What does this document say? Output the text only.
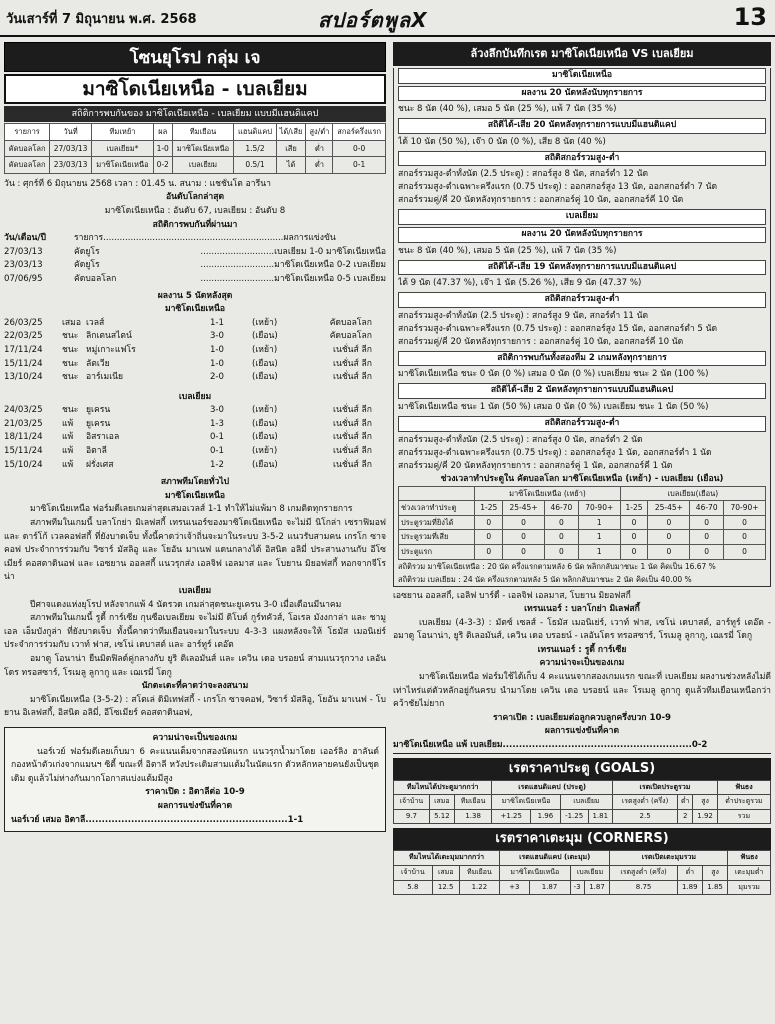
วันเสาร์ที่ 7 มิถุนายน พ.ศ. 2568	สปอร์ตพูลX	13
โซนยุโรป กลุ่ม เจ
มาซิโดเนียเหนือ - เบลเยียม
สถิติการพบกันของ มาซิโดเนียเหนือ - เบลเยียม แบบมีแฮนดิแคป
รายการ	วันที่	ทีมเหย้า	ผล	ทีมเยือน	แฮนดิแคป	ได้/เสีย	สูง/ต่ำ	สกอร์ครึ่งแรก
คัดบอลโลก	27/03/13	เบลเยียม*	1-0	มาซิโดเนียเหนือ	1.5/2	เสีย	ต่ำ	0-0
คัดบอลโลก	23/03/13	มาซิโดเนียเหนือ	0-2	เบลเยียม	0.5/1	ได้	ต่ำ	0-1
วัน : ศุกร์ที่ 6 มิถุนายน 2568 เวลา : 01.45 น. สนาม : แชชั่นโต อารีนา
อันดับโลกล่าสุด
มาซิโดเนียเหนือ : อันดับ 67, เบลเยียม : อันดับ 8
สถิติการพบกันที่ผ่านมา
วัน/เดือน/ปี	รายการ..................................................................ผลการแข่งขัน
27/03/13	คัดยูโร	...........................เบลเยียม 1-0 มาซิโดเนียเหนือ
23/03/13	คัดยูโร	...........................มาซิโดเนียเหนือ 0-2 เบลเยียม
07/06/95	คัดบอลโลก	...........................มาซิโดเนียเหนือ 0-5 เบลเยียม
ผลงาน 5 นัดหลังสุด
มาซิโดเนียเหนือ
26/03/25	เสมอ เวลส์	1-1	(เหย้า)	คัดบอลโลก
22/03/25	ชนะ ลิกเตนสไตน์	3-0	(เยือน)	คัดบอลโลก
17/11/24	ชนะ หมู่เกาะแฟโร	1-0	(เหย้า)	เนชั่นส์ ลีก
15/11/24	ชนะ ลัตเวีย	1-0	(เยือน)	เนชั่นส์ ลีก
13/10/24	ชนะ อาร์เมเนีย	2-0	(เยือน)	เนชั่นส์ ลีก
เบลเยียม
24/03/25	ชนะ ยูเครน	3-0	(เหย้า)	เนชั่นส์ ลีก
21/03/25	แพ้	ยูเครน	1-3	(เยือน)	เนชั่นส์ ลีก
18/11/24	แพ้	อิสราเอล	0-1	(เยือน)	เนชั่นส์ ลีก
15/11/24	แพ้	อิตาลี	0-1	(เหย้า)	เนชั่นส์ ลีก
15/10/24	แพ้	ฝรั่งเศส	1-2	(เยือน)	เนชั่นส์ ลีก
สภาพทีมโดยทั่วไป
มาซิโดเนียเหนือ
มาซิโดเนียเหนือ ฟอร์มดีเลยเกมล่าสุดเสมอเวลส์ 1-1 ทำให้ไม่แพ้มา 8 เกมติดทุกรายการ
สภาพทีมในเกมนี้ บลาโกย่า มิเลฟสกี้ เทรนเนอร์ของมาซิโดเนียเหนือ จะไม่มี นิโกล่า เซราฟิมอฟ และ ดาร์โก้ เวลคอฟสกี้ ที่ยังบาดเจ็บ ทั้งนี้คาดว่าเจ้าถิ่นจะมาในระบบ 3-5-2 แนวรับสามคน เกรโก ซาจคอฟ ประจำการร่วมกับ วิซาร์ มัสลิอู และ โยอัน มาเนฟ แดนกลางได้ อิสนิด อลิมี่ ประสานงานกับ อีโซเมียร์ คอสตาดินอฟ และ เอซยาน ออลสกี้ แนวรุกส่ง เอลจิฟ เอลมาส และ โบยาน มิยอฟสกี้ หอกจากจีโรน่า
เบลเยียม
ปีศาจแดงแห่งยุโรป หลังจากแพ้ 4 นัดรวด เกมล่าสุดชนะยูเครน 3-0 เมื่อเดือนมีนาคม
สภาพทีมในเกมนี้ รูดี้ การ์เซีย กุนซือเบลเยียม จะไม่มี ดิโบต์ กูร์ทคัวส์, โอเรล มังงกาล่า และ ชามูเอล เอ็มบังกูล่า ที่ยังบาดเจ็บ ทั้งนี้คาดว่าทีมเยือนจะมาในระบบ 4-3-3 แผงหลังจะให้ โธมัส เมอนิเย่ร์ ประจำการร่วมกับ เวาท์ ฟาส, เซโน่ เดบาสต์ และ อาร์ทูร์ เตอ๊ต
อมาดู โอนาน่า ยืนมิดฟิลด์คู่กลางกับ ยูริ ติเลอมันส์ และ เควิน เดอ บรอยน์ สามแนวรุกวาง เลอันโดร ทรอสซาร์, โรเมลู ลูกากู และ เฌเรมี่ โดกู
นักตะเตะที่คาดว่าจะลงสนาม
มาซิโดเนียเหนือ (3-5-2) : สโตเล่ ดิมิเทฟสกี้ - เกรโก ซาจคอฟ, วิซาร์ มัสลิอู, โยอัน มาเนฟ - โบยาน อิเลฟสกี้, อิสนิด อลิมี่, อีโซเมียร์ คอสตาดินอฟ,
ความน่าจะเป็นของเกม
นอร์เวย์ ฟอร์มดีเลยเก็บมา 6 คะแนนเต็มจากสองนัดแรก แนวรุกน้ำมาโดย เออร์ลิง ฮาลันด์ กองหน้าตัวเก่งจากแมนฯ ซิตี้ ขณะที่ อิตาลี หวังประเดิมสามแต้มในนัดแรก ตัวหลักหลายคนยังเป็นชุดเดิม ดูแล้วไม่ห่างกันมากโอกาสแบ่งแต้มมีสูง
ราคาเปิด : อิตาลีต่อ 10-9
ผลการแข่งขันที่คาด
นอร์เวย์ เสมอ อิตาลี..............................................................1-1
ล้วงลึกบันทึกเรต มาซิโดเนียเหนือ VS เบลเยียม
มาซิโดเนียเหนือ
ผลงาน 20 นัดหลังนับทุกรายการ
ชนะ 8 นัด (40 %), เสมอ 5 นัด (25 %), แพ้ 7 นัด (35 %)
สถิติได้-เสีย 20 นัดหลังทุกรายการแบบมีแฮนดิแคป
ได้ 10 นัด (50 %), เจ๊า 0 นัด (0 %), เสีย 8 นัด (40 %)
สถิติสกอร์รวมสูง-ต่ำ
สกอร์รวมสูง-ต่ำทั้งนัด (2.5 ประตู) : สกอร์สูง 8 นัด, สกอร์ต่ำ 12 นัด
สกอร์รวมสูง-ต่ำเฉพาะครึ่งแรก (0.75 ประตู) : ออกสกอร์สูง 13 นัด, ออกสกอร์ต่ำ 7 นัด
สกอร์รวมคู่/คี่ 20 นัดหลังทุกรายการ : ออกสกอร์คู่ 10 นัด, ออกสกอร์คี่ 10 นัด
เบลเยียม
ผลงาน 20 นัดหลังนับทุกรายการ
ชนะ 8 นัด (40 %), เสมอ 5 นัด (25 %), แพ้ 7 นัด (35 %)
สถิติได้-เสีย 19 นัดหลังทุกรายการแบบมีแฮนดิแคป
ได้ 9 นัด (47.37 %), เจ๊า 1 นัด (5.26 %), เสีย 9 นัด (47.37 %)
สถิติสกอร์รวมสูง-ต่ำ
สกอร์รวมสูง-ต่ำทั้งนัด (2.5 ประตู) : สกอร์สูง 9 นัด, สกอร์ต่ำ 11 นัด
สกอร์รวมสูง-ต่ำเฉพาะครึ่งแรก (0.75 ประตู) : ออกสกอร์สูง 15 นัด, ออกสกอร์ต่ำ 5 นัด
สกอร์รวมคู่/คี่ 20 นัดหลังทุกรายการ : ออกสกอร์คู่ 10 นัด, ออกสกอร์คี่ 10 นัด
สถิติการพบกันทั้งสองทีม 2 เกมหลังทุกรายการ
มาซิโดเนียเหนือ ชนะ 0 นัด (0 %) เสมอ 0 นัด (0 %) เบลเยียม ชนะ 2 นัด (100 %)
สถิติได้-เสีย 2 นัดหลังทุกรายการแบบมีแฮนดิแคป
มาซิโดเนียเหนือ ชนะ 1 นัด (50 %) เสมอ 0 นัด (0 %) เบลเยียม ชนะ 1 นัด (50 %)
สถิติสกอร์รวมสูง-ต่ำ
สกอร์รวมสูง-ต่ำทั้งนัด (2.5 ประตู) : สกอร์สูง 0 นัด, สกอร์ต่ำ 2 นัด
สกอร์รวมสูง-ต่ำเฉพาะครึ่งแรก (0.75 ประตู) : ออกสกอร์สูง 1 นัด, ออกสกอร์ต่ำ 1 นัด
สกอร์รวมคู่/คี่ 20 นัดหลังทุกรายการ : ออกสกอร์คู่ 1 นัด, ออกสกอร์คี่ 1 นัด
ช่วงเวลาทำประตูใน คัดบอลโลก มาซิโดเนียเหนือ (เหย้า) - เบลเยียม (เยือน)
	มาซิโดเนียเหนือ (เหย้า)				เบลเยียม(เยือน)			
ช่วงเวลาทำประตู	1-25	25-45+	46-70	70-90+	1-25	25-45+	46-70	70-90+
ประตูรวมที่ยิงได้	0	0	0	1	0	0	0	0
ประตูรวมที่เสีย	0	0	0	1	0	0	0	0
ประตูแรก	0	0	0	1	0	0	0	0
สถิติรวม มาซิโดเนียเหนือ : 20 นัด ครึ่งแรกตามหลัง 6 นัด พลิกกลับมาชนะ 1 นัด คิดเป็น 16.67 %
สถิติรวม เบลเยียม : 24 นัด ครึ่งแรกตามหลัง 5 นัด พลิกกลับมาชนะ 2 นัด คิดเป็น 40.00 %
เอซยาน ออลสกี้, เอลิฟ บาร์ดี้ - เอลจิฟ เอลมาส, โบยาน มิยอฟสกี้
เทรนเนอร์ : บลาโกย่า มิเลฟสกี้
เบลเยียม (4-3-3) : มัตซ์ เซลส์ - โธมัส เมอนิเย่ร์, เวาท์ ฟาส, เซโน่ เดบาสต์, อาร์ทูร์ เตอ๊ต - อมาดู โอนาน่า, ยูริ ติเลอมันส์, เควิน เดอ บรอยน์ - เลอันโดร ทรอสซาร์, โรเมลู ลูกากู, เฌเรมี่ โดกู
เทรนเนอร์ : รูดี้ การ์เซีย
ความน่าจะเป็นของเกม
มาซิโดเนียเหนือ ฟอร์มใช้ได้เก็บ 4 คะแนนจากสองเกมแรก ขณะที่ เบลเยียม ผลงานช่วงหลังไม่ดีเท่าไหร่แต่ตัวหลักอยู่กันครบ นำมาโดย เควิน เดอ บรอยน์ และ โรเมลู ลูกากู ดูแล้วทีมเยือนเหนือกว่าคว้าชัยไม่ยาก
ราคาเปิด : เบลเยียมต่อลูกควบลูกครึ่งบวก 10-9
ผลการแข่งขันที่คาด
มาซิโดเนียเหนือ แพ้ เบลเยียม..........................................................0-2
เรตราคาประตู (GOALS)
ทีมไหนได้ประตูมากกว่า			เรตแฮนดิแคป (ประตู)				เรตเปิดประตูรวม			ฟันธง
เจ้าบ้าน	เสมอ	ทีมเยือน	มาซิโดเนียเหนือ		เบลเยียม		เรตสูงต่ำ (ครึ่ง)	ต่ำ	สูง	ต่ำประตูรวม
9.7	5.12	1.38	+1.25	1.96	-1.25	1.81	2.5	2	1.92	รวม
เรตราคาเตะมุม (CORNERS)
ทีมไหนได้เตะมุมมากกว่า			เรตแฮนดิแคป (เตะมุม)				เรตเปิดเตะมุมรวม			ฟันธง
เจ้าบ้าน	เสมอ	ทีมเยือน	มาซิโดเนียเหนือ		เบลเยียม		เรตสูงต่ำ (ครึ่ง)	ต่ำ	สูง	เตะมุมต่ำ
5.8	12.5	1.22	+3	1.87	-3	1.87	8.75	1.89	1.85	มุมรวม
